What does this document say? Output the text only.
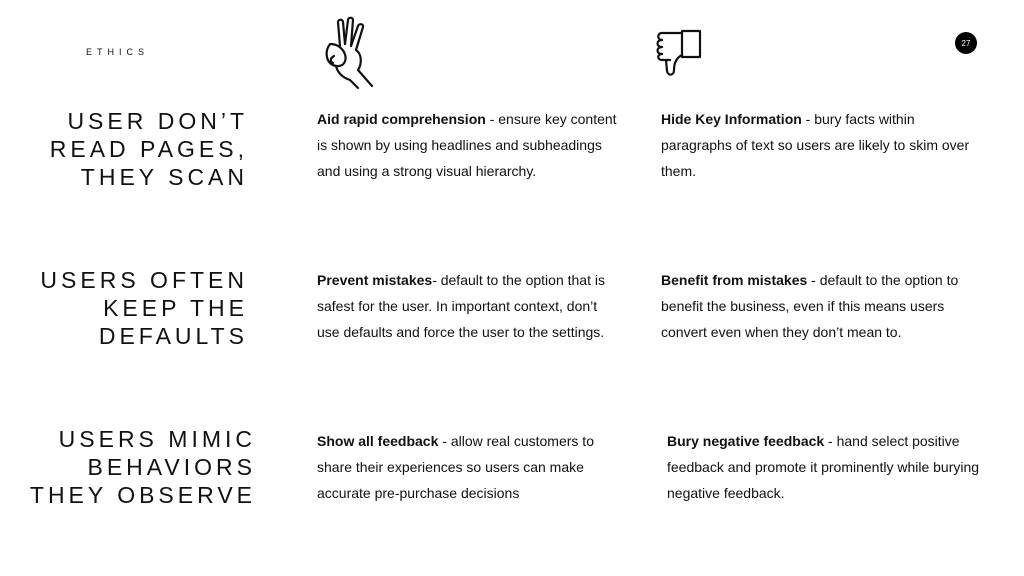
ETHICS
27
USER DON’T
READ PAGES,
THEY SCAN

Aid rapid comprehension - ensure key content is shown by using headlines and subheadings and using a strong visual hierarchy.

Hide Key Information - bury facts within paragraphs of text so users are likely to skim over them.

USERS OFTEN
KEEP THE
DEFAULTS

Prevent mistakes- default to the option that is safest for the user. In important context, don’t use defaults and force the user to the settings.

Benefit from mistakes - default to the option to benefit the business, even if this means users convert even when they don’t mean to.

USERS MIMIC
BEHAVIORS
THEY OBSERVE

Show all feedback - allow real customers to share their experiences so users can make accurate pre-purchase decisions

Bury negative feedback - hand select positive feedback and promote it prominently while burying negative feedback.
